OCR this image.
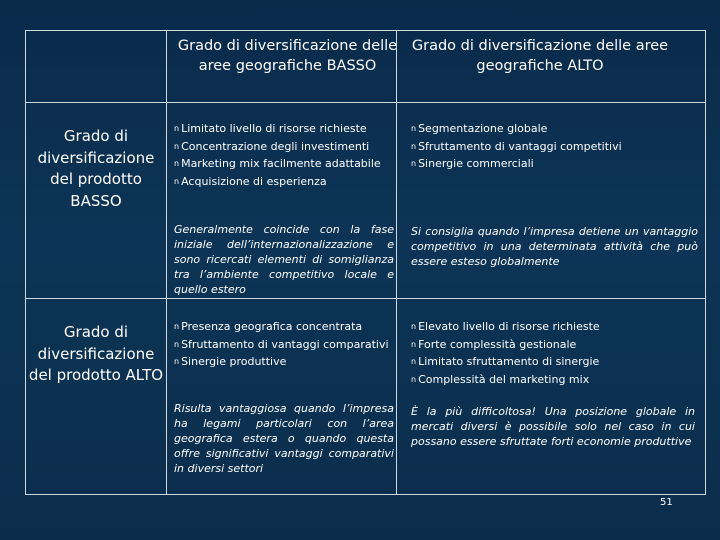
Grado di diversificazione delle aree geografiche BASSO
Grado di diversificazione delle aree geografiche ALTO
Grado di diversificazione del prodotto BASSO
Grado di diversificazione del prodotto ALTO
n Limitato livello di risorse richieste
n Concentrazione degli investimenti
n Marketing mix facilmente adattabile
n Acquisizione di esperienza
Generalmente coincide con la fase iniziale dell’internazionalizzazione e sono ricercati elementi di somiglianza tra l’ambiente competitivo locale e quello estero
n Segmentazione globale
n Sfruttamento di vantaggi competitivi
n Sinergie commerciali
Si consiglia quando l’impresa detiene un vantaggio competitivo in una determinata attività che può essere esteso globalmente
n Presenza geografica concentrata
n Sfruttamento di vantaggi comparativi
n Sinergie produttive
Risulta vantaggiosa quando l’impresa ha legami particolari con l’area geografica estera o quando questa offre significativi vantaggi comparativi in diversi settori
n Elevato livello di risorse richieste
n Forte complessità gestionale
n Limitato sfruttamento di sinergie
n Complessità del marketing mix
È la più difficoltosa! Una posizione globale in mercati diversi è possibile solo nel caso in cui possano essere sfruttate forti economie produttive
51
